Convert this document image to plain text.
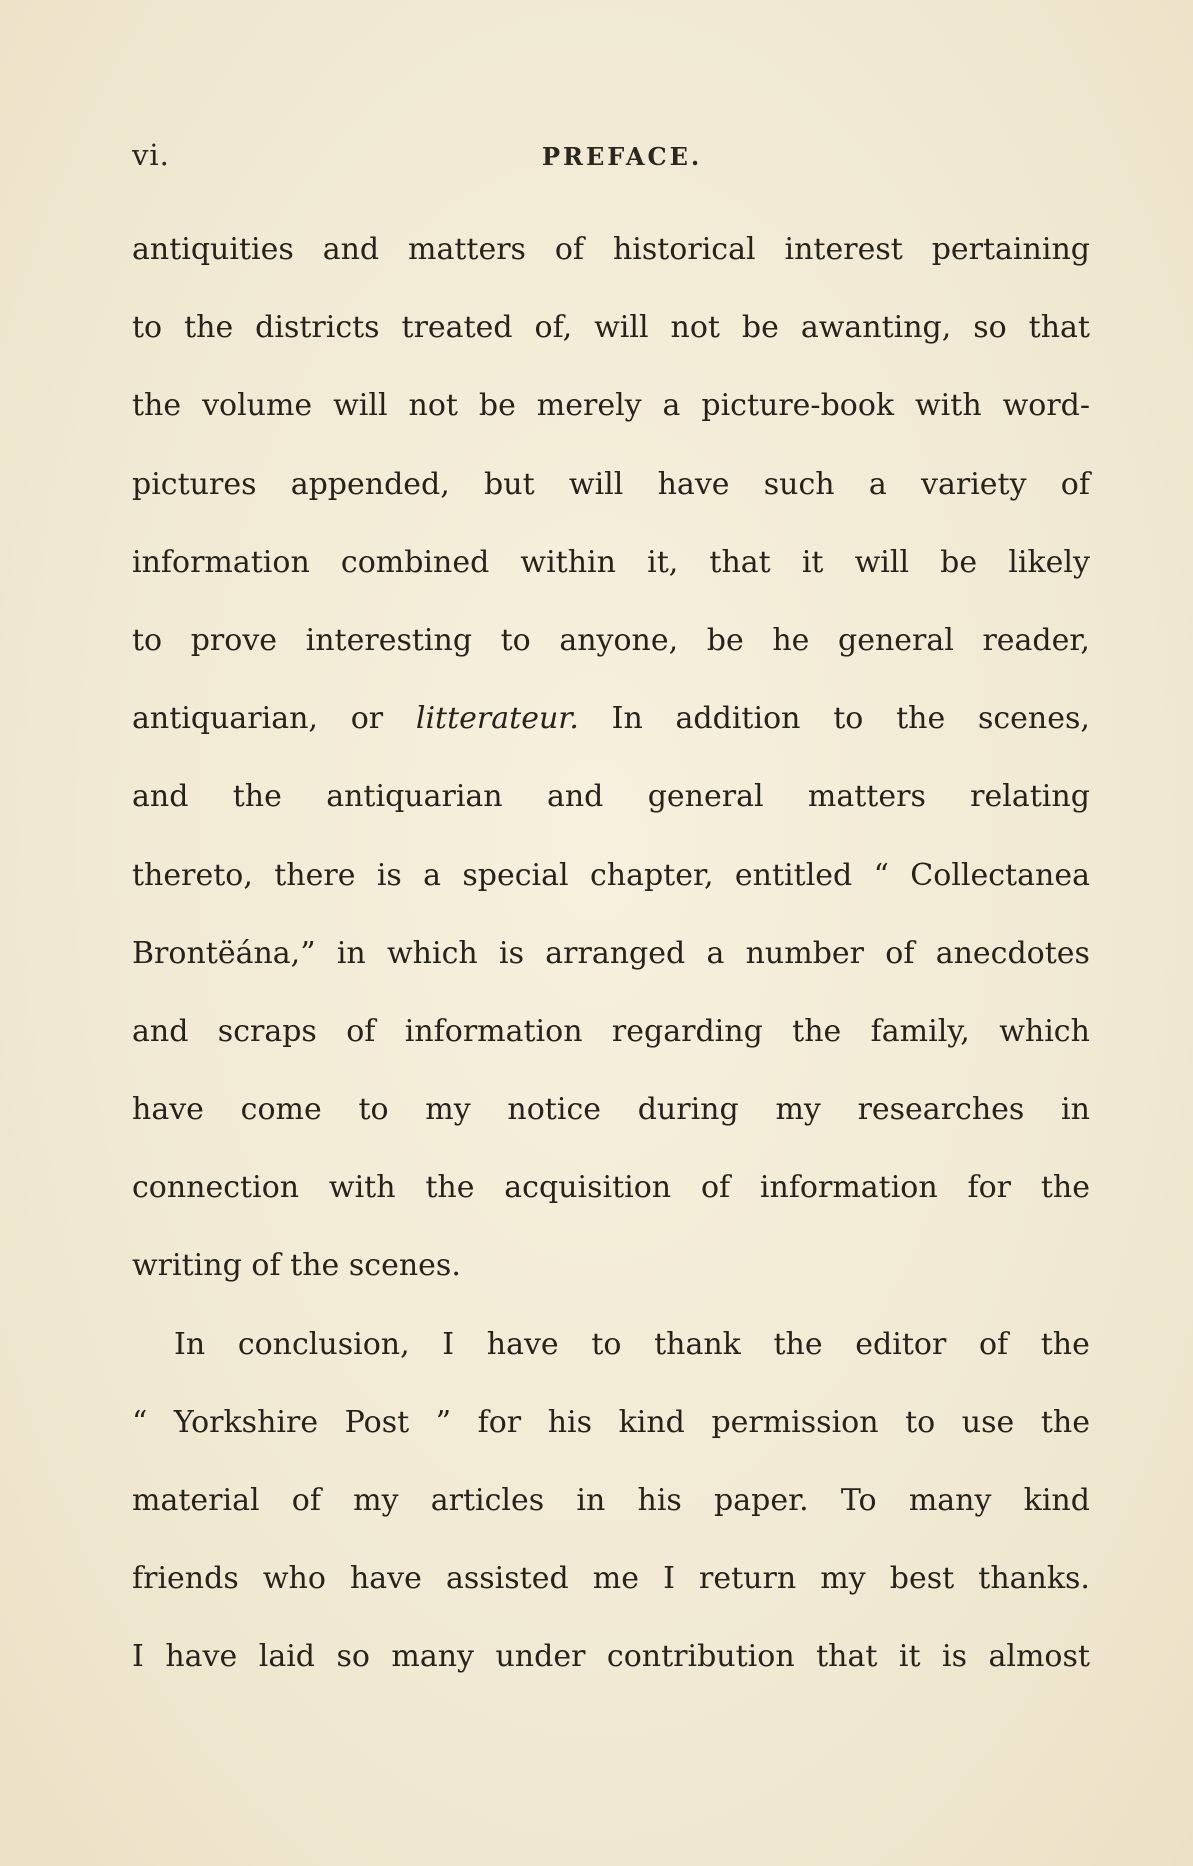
vi.	PREFACE.
antiquities and matters of historical interest pertaining
to the districts treated of, will not be awanting, so that
the volume will not be merely a picture-book with word-
pictures appended, but will have such a variety of
information combined within it, that it will be likely
to prove interesting to anyone, be he general reader,
antiquarian, or litterateur. In addition to the scenes,
and the antiquarian and general matters relating
thereto, there is a special chapter, entitled “ Collectanea
Brontëána,” in which is arranged a number of anecdotes
and scraps of information regarding the family, which
have come to my notice during my researches in
connection with the acquisition of information for the
writing of the scenes.
In conclusion, I have to thank the editor of the
“ Yorkshire Post ” for his kind permission to use the
material of my articles in his paper. To many kind
friends who have assisted me I return my best thanks.
I have laid so many under contribution that it is almost
